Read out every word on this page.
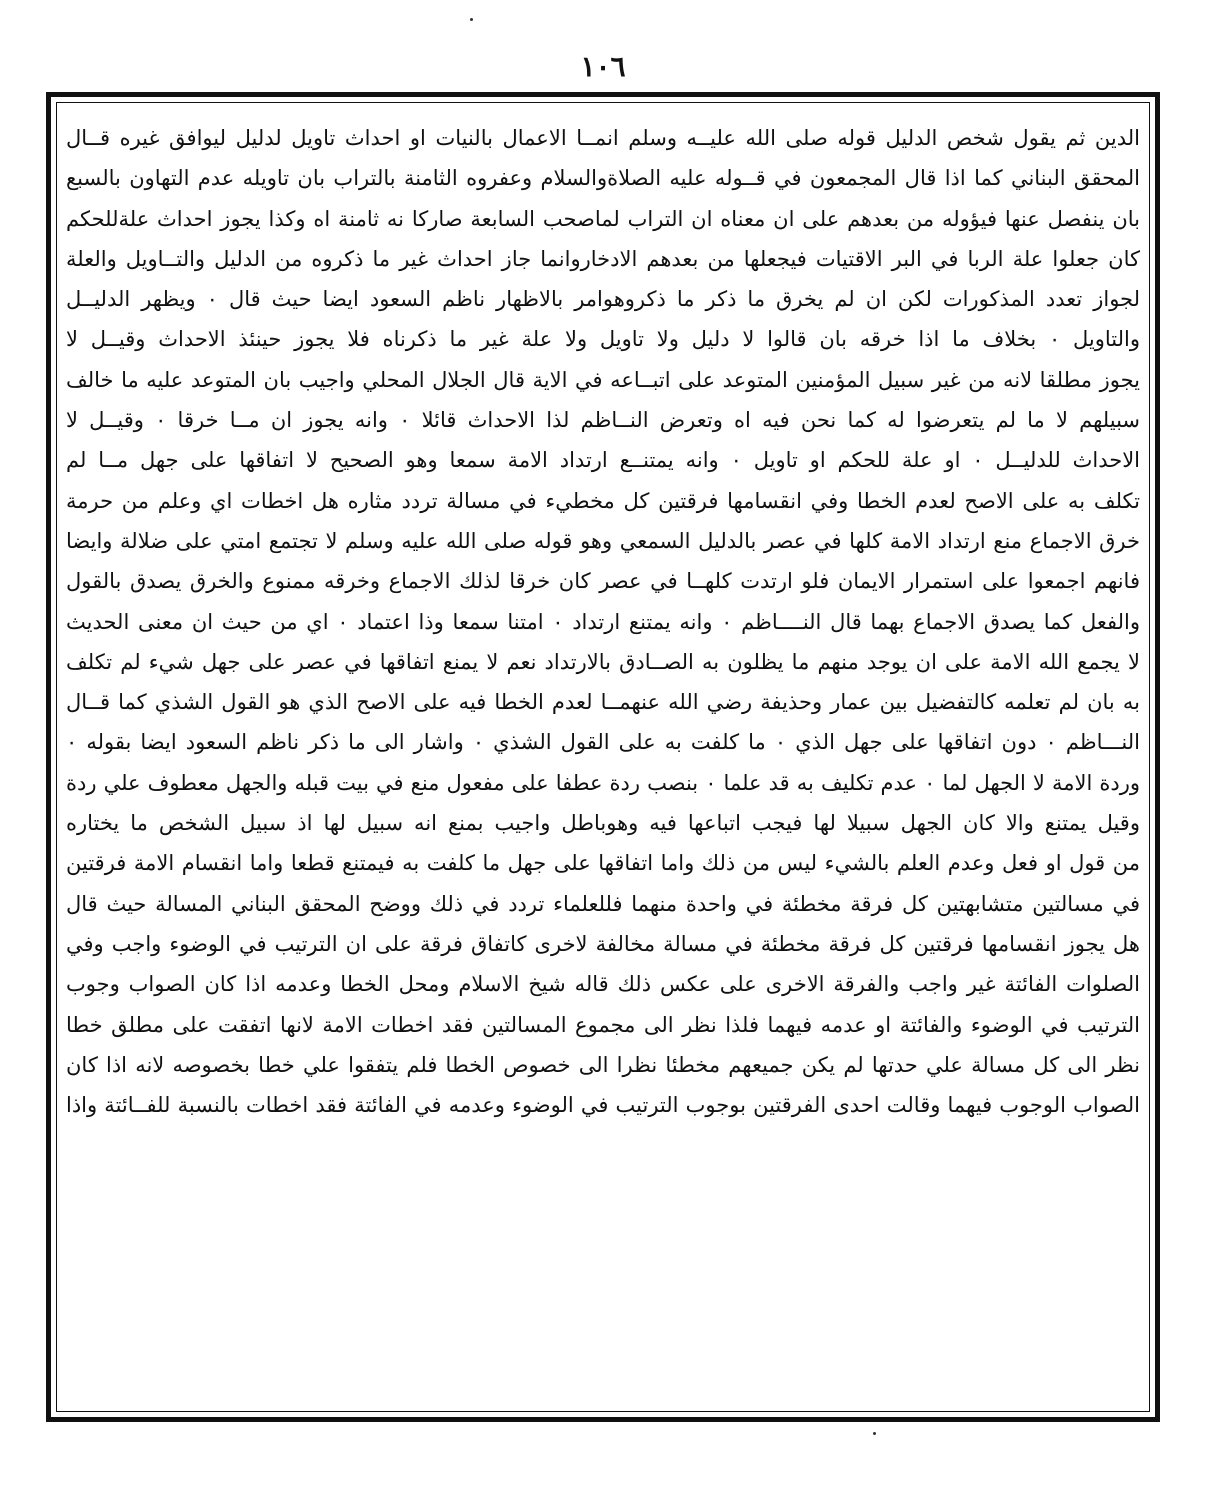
١٠٦
الدين ثم يقول شخص الدليل قوله صلى الله عليــه وسلم انمــا الاعمال بالنيات او احداث تاويل لدليل ليوافق غيره قــال
المحقق البناني كما اذا قال المجمعون في قــوله عليه الصلاةوالسلام وعفروه الثامنة بالتراب بان تاويله عدم التهاون بالسبع
بان ينفصل عنها فيؤوله من بعدهم على ان معناه ان التراب لماصحب السابعة صاركا نه ثامنة اه وكذا يجوز احداث علةللحكم
كان جعلوا علة الربا في البر الاقتيات فيجعلها من بعدهم الادخاروانما جاز احداث غير ما ذكروه من الدليل والتــاويل والعلة
لجواز تعدد المذكورات لكن ان لم يخرق ما ذكر ما ذكروهوامر بالاظهار ناظم السعود ايضا حيث قال ٠ ويظهر الدليــل
والتاويل ٠ بخلاف ما اذا خرقه بان قالوا لا دليل ولا تاويل ولا علة غير ما ذكرناه فلا يجوز حينئذ الاحداث وقيــل لا
يجوز مطلقا لانه من غير سبيل المؤمنين المتوعد على اتبــاعه في الاية قال الجلال المحلي واجيب بان المتوعد عليه ما خالف
سبيلهم لا ما لم يتعرضوا له كما نحن فيه اه وتعرض النــاظم لذا الاحداث قائلا ٠ وانه يجوز ان مــا خرقا ٠ وقيــل لا
الاحداث للدليــل ٠ او علة للحكم او تاويل ٠ وانه يمتنــع ارتداد الامة سمعا وهو الصحيح لا اتفاقها على جهل مــا لم
تكلف به على الاصح لعدم الخطا وفي انقسامها فرقتين كل مخطيء في مسالة تردد مثاره هل اخطات اي وعلم من حرمة
خرق الاجماع منع ارتداد الامة كلها في عصر بالدليل السمعي وهو قوله صلى الله عليه وسلم لا تجتمع امتي على ضلالة وايضا
فانهم اجمعوا على استمرار الايمان فلو ارتدت كلهــا في عصر كان خرقا لذلك الاجماع وخرقه ممنوع والخرق يصدق بالقول
والفعل كما يصدق الاجماع بهما قال النــــاظم ٠ وانه يمتنع ارتداد ٠ امتنا سمعا وذا اعتماد ٠ اي من حيث ان معنى الحديث
لا يجمع الله الامة على ان يوجد منهم ما يظلون به الصــادق بالارتداد نعم لا يمنع اتفاقها في عصر على جهل شيء لم تكلف
به بان لم تعلمه كالتفضيل بين عمار وحذيفة رضي الله عنهمــا لعدم الخطا فيه على الاصح الذي هو القول الشذي كما قــال
النـــاظم ٠ دون اتفاقها على جهل الذي ٠ ما كلفت به على القول الشذي ٠ واشار الى ما ذكر ناظم السعود ايضا بقوله ٠
وردة الامة لا الجهل لما ٠ عدم تكليف به قد علما ٠ بنصب ردة عطفا على مفعول منع في بيت قبله والجهل معطوف علي ردة
وقيل يمتنع والا كان الجهل سبيلا لها فيجب اتباعها فيه وهوباطل واجيب بمنع انه سبيل لها اذ سبيل الشخص ما يختاره
من قول او فعل وعدم العلم بالشيء ليس من ذلك واما اتفاقها على جهل ما كلفت به فيمتنع قطعا واما انقسام الامة فرقتين
في مسالتين متشابهتين كل فرقة مخطئة في واحدة منهما فللعلماء تردد في ذلك ووضح المحقق البناني المسالة حيث قال
هل يجوز انقسامها فرقتين كل فرقة مخطئة في مسالة مخالفة لاخرى كاتفاق فرقة على ان الترتيب في الوضوء واجب وفي
الصلوات الفائتة غير واجب والفرقة الاخرى على عكس ذلك قاله شيخ الاسلام ومحل الخطا وعدمه اذا كان الصواب وجوب
الترتيب في الوضوء والفائتة او عدمه فيهما فلذا نظر الى مجموع المسالتين فقد اخطات الامة لانها اتفقت على مطلق خطا
نظر الى كل مسالة علي حدتها لم يكن جميعهم مخطئا نظرا الى خصوص الخطا فلم يتفقوا علي خطا بخصوصه لانه اذا كان
الصواب الوجوب فيهما وقالت احدى الفرقتين بوجوب الترتيب في الوضوء وعدمه في الفائتة فقد اخطات بالنسبة للفــائتة واذا
